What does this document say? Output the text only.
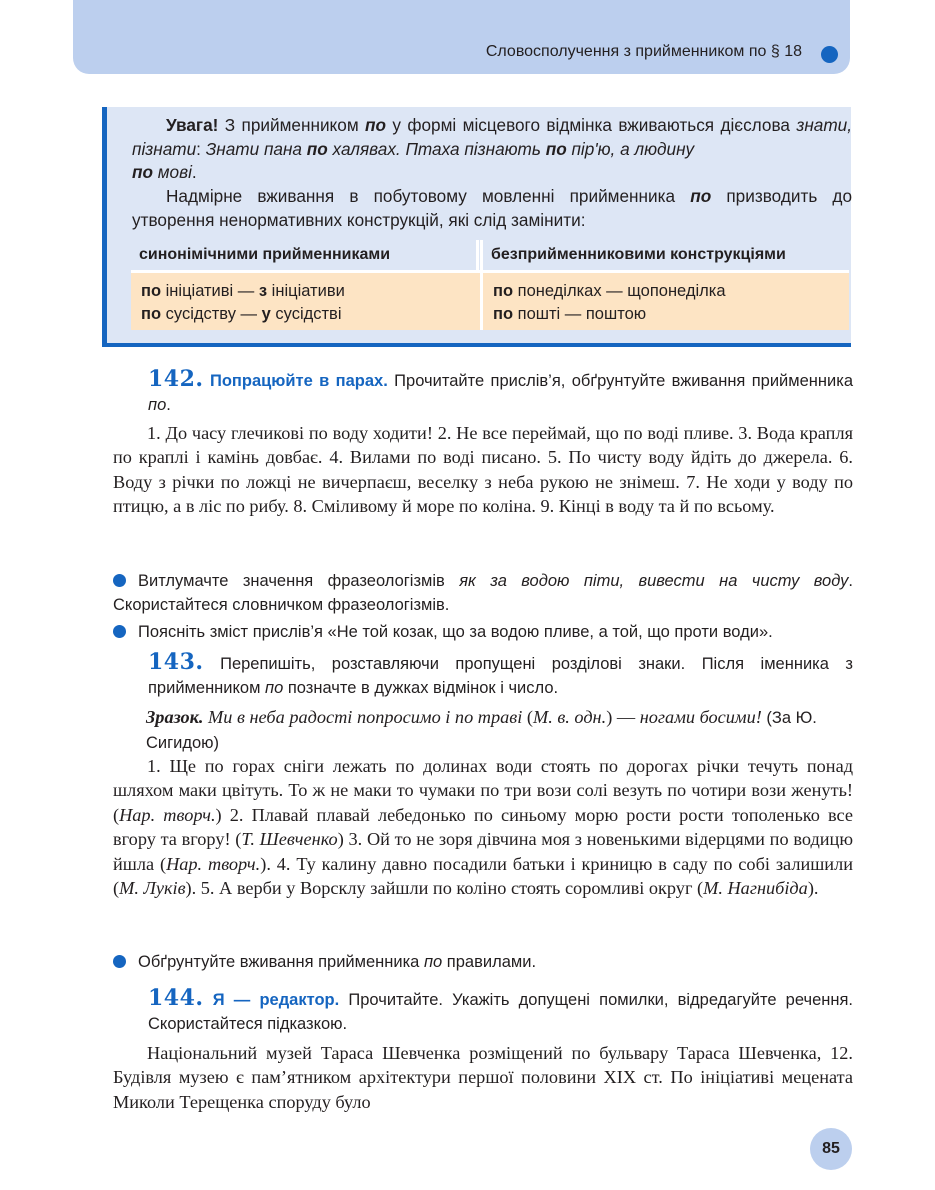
Словосполучення з прийменником по § 18
Увага! З прийменником по у формі місцевого відмінка вживаються дієслова знати, пізнати: Знати пана по халявах. Птаха пізнають по пір'ю, а людину
по мові.
Надмірне вживання в побутовому мовленні прийменника по призводить до утворення ненормативних конструкцій, які слід замінити:
синонімічними прийменниками	безприйменниковими конструкціями
по ініціативі — з ініціативи
по сусідству — у сусідстві
по понеділках — щопонеділка
по пошті — поштою
142. Попрацюйте в парах. Прочитайте прислів’я, обґрунтуйте вживання прийменника по.
1. До часу глечикові по воду ходити! 2. Не все переймай, що по воді пливе. 3. Вода крапля по краплі і камінь довбає. 4. Вилами по воді писано. 5. По чисту воду йдіть до джерела. 6. Воду з річки по ложці не вичерпаєш, веселку з неба рукою не знімеш. 7. Не ходи у воду по птицю, а в ліс по рибу. 8. Сміливому й море по коліна. 9. Кінці в воду та й по всьому.
Витлумачте значення фразеологізмів як за водою піти, вивести на чисту воду. Скористайтеся словничком фразеологізмів.
Поясніть зміст прислів’я «Не той козак, що за водою пливе, а той, що проти води».
143. Перепишіть, розставляючи пропущені розділові знаки. Після іменника з прийменником по позначте в дужках відмінок і число.
Зразок. Ми в неба радості попросимо і по траві (М. в. одн.) — ногами босими! (За Ю. Сигидою)
1. Ще по горах сніги лежать по долинах води стоять по дорогах річки течуть понад шляхом маки цвітуть. То ж не маки то чумаки по три вози солі везуть по чотири вози женуть! (Нар. творч.) 2. Плавай плавай лебедонько по синьому морю рости рости тополенько все вгору та вгору! (Т. Шевченко) 3. Ой то не зоря дівчина моя з новенькими відерцями по водицю йшла (Нар. творч.). 4. Ту калину давно посадили батьки і криницю в саду по собі залишили (М. Луків). 5. А верби у Ворсклу зайшли по коліно стоять соромливі округ (М. Нагнибіда).
Обґрунтуйте вживання прийменника по правилами.
144. Я — редактор. Прочитайте. Укажіть допущені помилки, відредагуйте речення. Скористайтеся підказкою.
Національний музей Тараса Шевченка розміщений по бульвару Тараса Шевченка, 12. Будівля музею є пам’ятником архітектури першої половини XIX ст. По ініціативі мецената Миколи Терещенка споруду було
85
